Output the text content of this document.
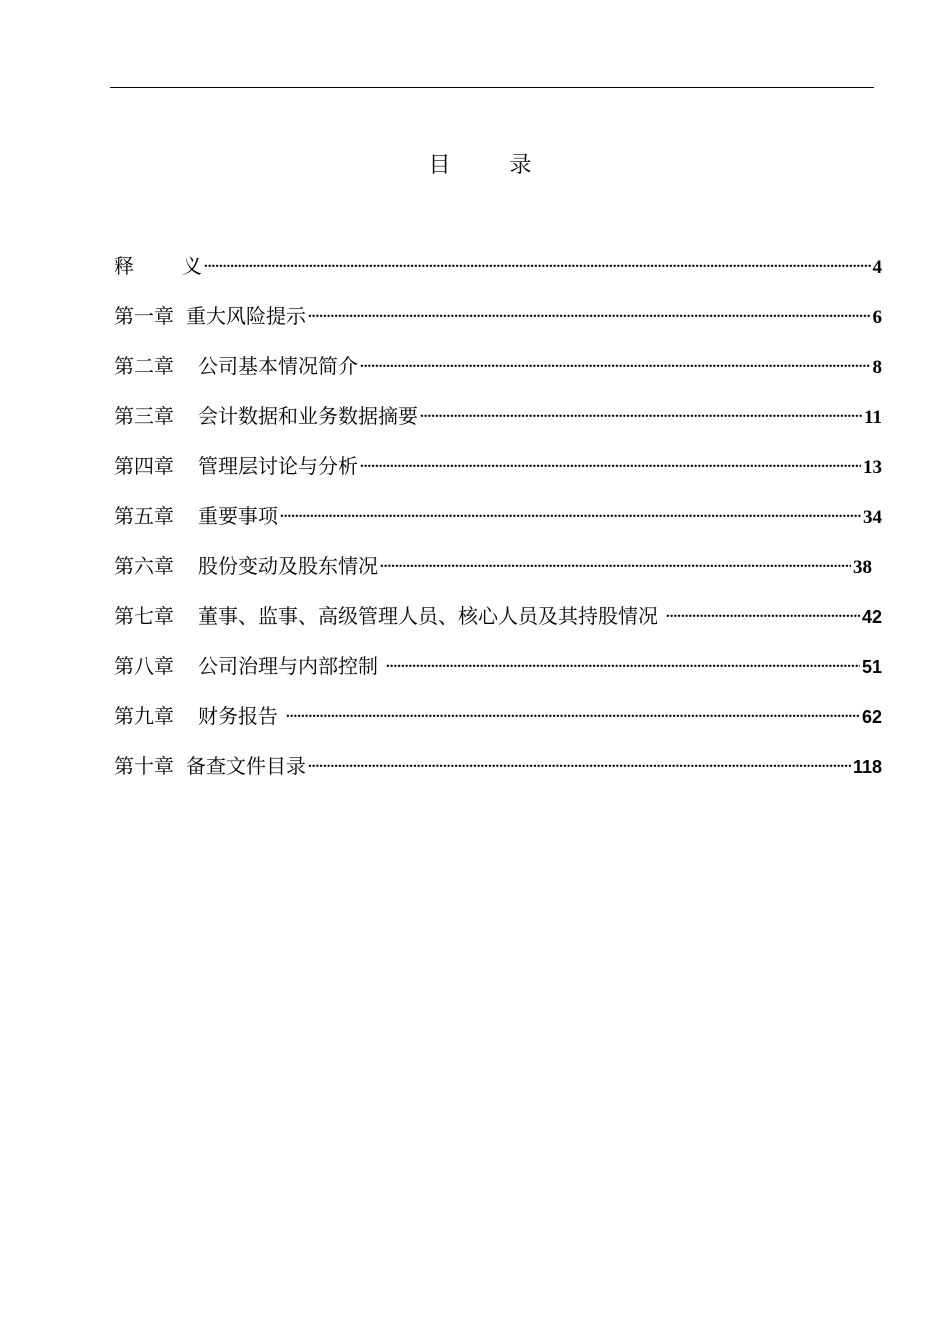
目 录
释 义 .....	4
第一章 重大风险提示 .....	6
第二章 公司基本情况简介 .....	8
第三章 会计数据和业务数据摘要 .....	11
第四章 管理层讨论与分析 .....	13
第五章 重要事项 .....	34
第六章 股份变动及股东情况 .....	38
第七章 董事、监事、高级管理人员、核心人员及其持股情况 .....	42
第八章 公司治理与内部控制 .....	51
第九章 财务报告 .....	62
第十章 备查文件目录 .....	118
